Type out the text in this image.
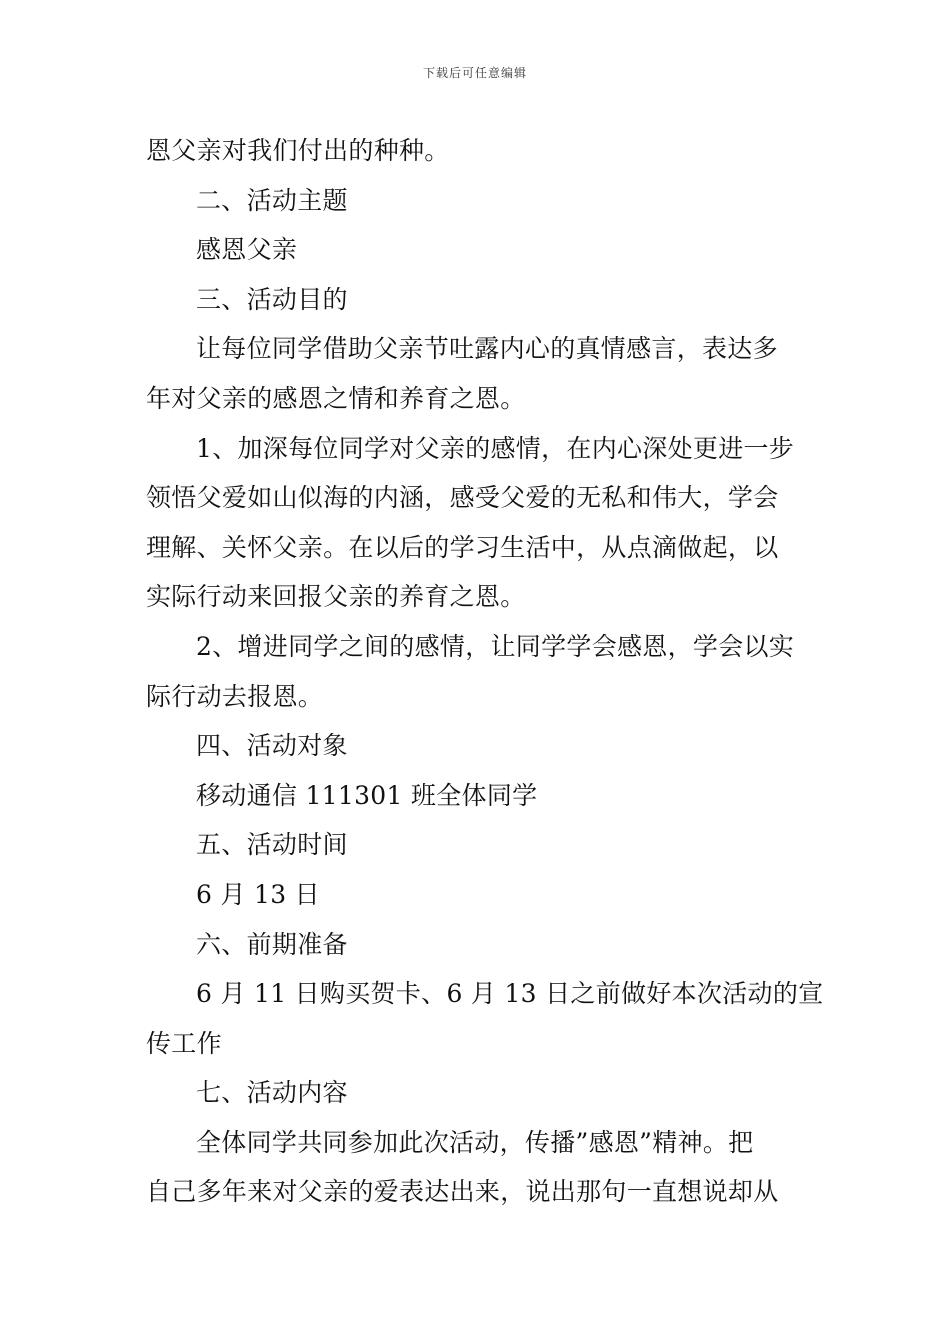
下载后可任意编辑
恩父亲对我们付出的种种。
二、活动主题
感恩父亲
三、活动目的
让每位同学借助父亲节吐露内心的真情感言，表达多
年对父亲的感恩之情和养育之恩。
1、加深每位同学对父亲的感情，在内心深处更进一步
领悟父爱如山似海的内涵，感受父爱的无私和伟大，学会
理解、关怀父亲。在以后的学习生活中，从点滴做起，以
实际行动来回报父亲的养育之恩。
2、增进同学之间的感情，让同学学会感恩，学会以实
际行动去报恩。
四、活动对象
移动通信 111301 班全体同学
五、活动时间
6 月 13 日
六、前期准备
6 月 11 日购买贺卡、6 月 13 日之前做好本次活动的宣
传工作
七、活动内容
全体同学共同参加此次活动，传播”感恩”精神。把
自己多年来对父亲的爱表达出来，说出那句一直想说却从
